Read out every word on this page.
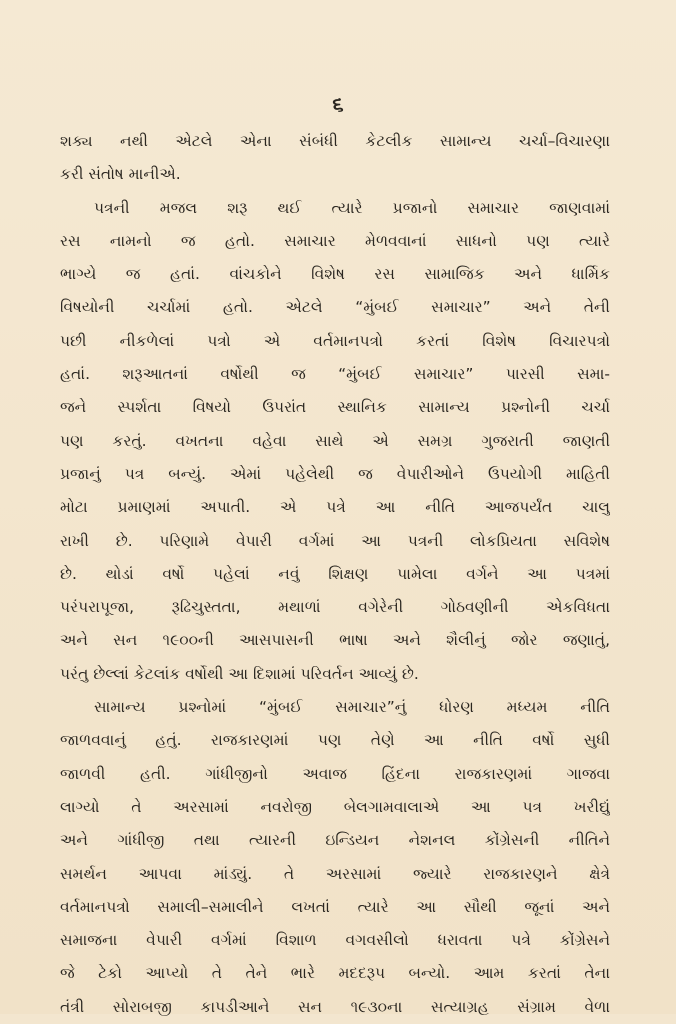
૬
શક્ય નથી એટલે એના સંબંધી કેટલીક સામાન્ય ચર્ચા–વિચારણા
કરી સંતોષ માનીએ.
પત્રની મજલ શરૂ થઈ ત્યારે પ્રજાનો સમાચાર જાણવામાં
રસ નામનો જ હતો. સમાચાર મેળવવાનાં સાધનો પણ ત્યારે
ભાગ્યે જ હતાં. વાંચકોને વિશેષ રસ સામાજિક અને ધાર્મિક
વિષયોની ચર્ચામાં હતો. એટલે “મુંબઈ સમાચાર” અને તેની
પછી નીકળેલાં પત્રો એ વર્તમાનપત્રો કરતાં વિશેષ વિચારપત્રો
હતાં. શરૂઆતનાં વર્ષોથી જ “મુંબઈ સમાચાર” પારસી સમા-
જને સ્પર્શતા વિષયો ઉપરાંત સ્થાનિક સામાન્ય પ્રશ્નોની ચર્ચા
પણ કરતું. વખતના વહેવા સાથે એ સમગ્ર ગુજરાતી જાણતી
પ્રજાનું પત્ર બન્યું. એમાં પહેલેથી જ વેપારીઓને ઉપયોગી માહિતી
મોટા પ્રમાણમાં અપાતી. એ પત્રે આ નીતિ આજપર્યંત ચાલુ
રાખી છે. પરિણામે વેપારી વર્ગમાં આ પત્રની લોકપ્રિયતા સવિશેષ
છે. થોડાં વર્ષો પહેલાં નવું શિક્ષણ પામેલા વર્ગને આ પત્રમાં
પરંપરાપૂજા, રૂઢિચુસ્તતા, મથાળાં વગેરેની ગોઠવણીની એકવિધતા
અને સન ૧૯૦૦ની આસપાસની ભાષા અને શૈલીનું જોર જણાતું,
પરંતુ છેલ્લાં કેટલાંક વર્ષોથી આ દિશામાં પરિવર્તન આવ્યું છે.
સામાન્ય પ્રશ્નોમાં “મુંબઈ સમાચાર”નું ધોરણ મધ્યમ નીતિ
જાળવવાનું હતું. રાજકારણમાં પણ તેણે આ નીતિ વર્ષો સુધી
જાળવી હતી. ગાંધીજીનો અવાજ હિંદના રાજકારણમાં ગાજવા
લાગ્યો તે અરસામાં નવરોજી બેલગામવાલાએ આ પત્ર ખરીદ્યું
અને ગાંધીજી તથા ત્યારની ઇન્ડિયન નેશનલ કોંગ્રેસની નીતિને
સમર્થન આપવા માંડ્યું. તે અરસામાં જ્યારે રાજકારણને ક્ષેત્રે
વર્તમાનપત્રો સમાલી–સમાલીને લખતાં ત્યારે આ સૌથી જૂનાં અને
સમાજના વેપારી વર્ગમાં વિશાળ વગવસીલો ધરાવતા પત્રે કોંગ્રેસને
જે ટેકો આપ્યો તે તેને ભારે મદદરૂપ બન્યો. આમ કરતાં તેના
તંત્રી સોરાબજી કાપડીઆને સન ૧૯૩૦ના સત્યાગ્રહ સંગ્રામ વેળા
